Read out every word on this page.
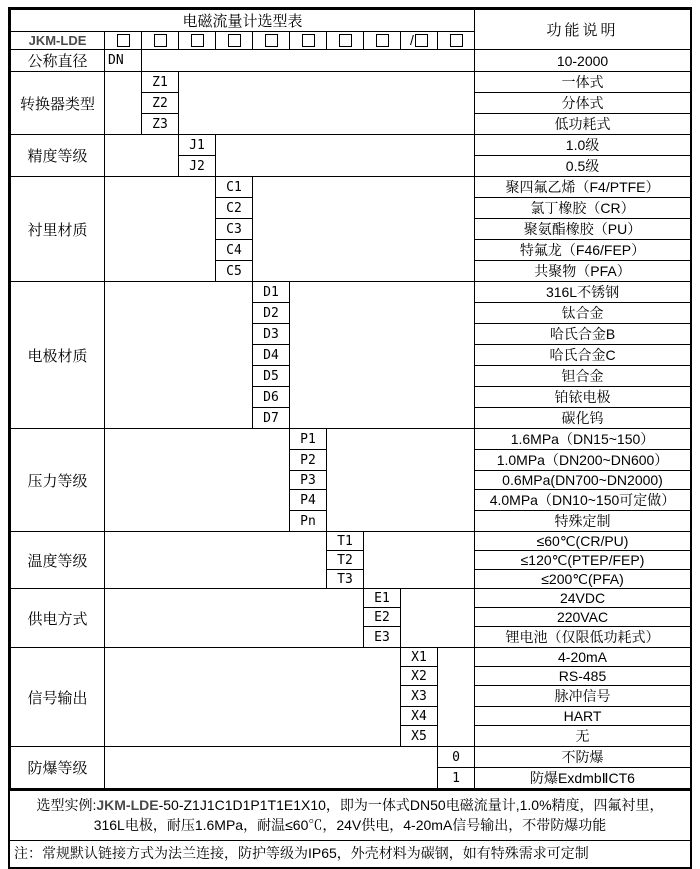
电磁流量计选型表											功能说明
JKM-LDE									/		
公称直径	DN										10-2000
转换器类型		Z1									一体式
		Z2									分体式
		Z3									低功耗式
精度等级			J1								1.0级
			J2								0.5级
衬里材质				C1							聚四氟乙烯（F4/PTFE）
				C2							氯丁橡胶（CR）
				C3							聚氨酯橡胶（PU）
				C4							特氟龙（F46/FEP）
				C5							共聚物（PFA）
电极材质					D1						316L不锈钢
					D2						钛合金
					D3						哈氏合金B
					D4						哈氏合金C
					D5						钽合金
					D6						铂铱电极
					D7						碳化钨
压力等级						P1					1.6MPa（DN15~150）
						P2					1.0MPa（DN200~DN600）
						P3					0.6MPa(DN700~DN2000)
						P4					4.0MPa（DN10~150可定做）
						Pn					特殊定制
温度等级							T1				≤60℃(CR/PU)
							T2				≤120℃(PTEP/FEP)
							T3				≤200℃(PFA)
供电方式								E1			24VDC
								E2			220VAC
								E3			锂电池（仅限低功耗式）
信号输出									X1		4-20mA
									X2		RS-485
									X3		脉冲信号
									X4		HART
									X5		无
防爆等级										0	不防爆
										1	防爆ExdmbⅡCT6
选型实例:JKM-LDE-50-Z1J1C1D1P1T1E1X10，即为一体式DN50电磁流量计,1.0%精度，四氟衬里，
316L电极，耐压1.6MPa，耐温≤60℃，24V供电，4-20mA信号输出，不带防爆功能
注：常规默认链接方式为法兰连接，防护等级为IP65，外壳材料为碳钢，如有特殊需求可定制
